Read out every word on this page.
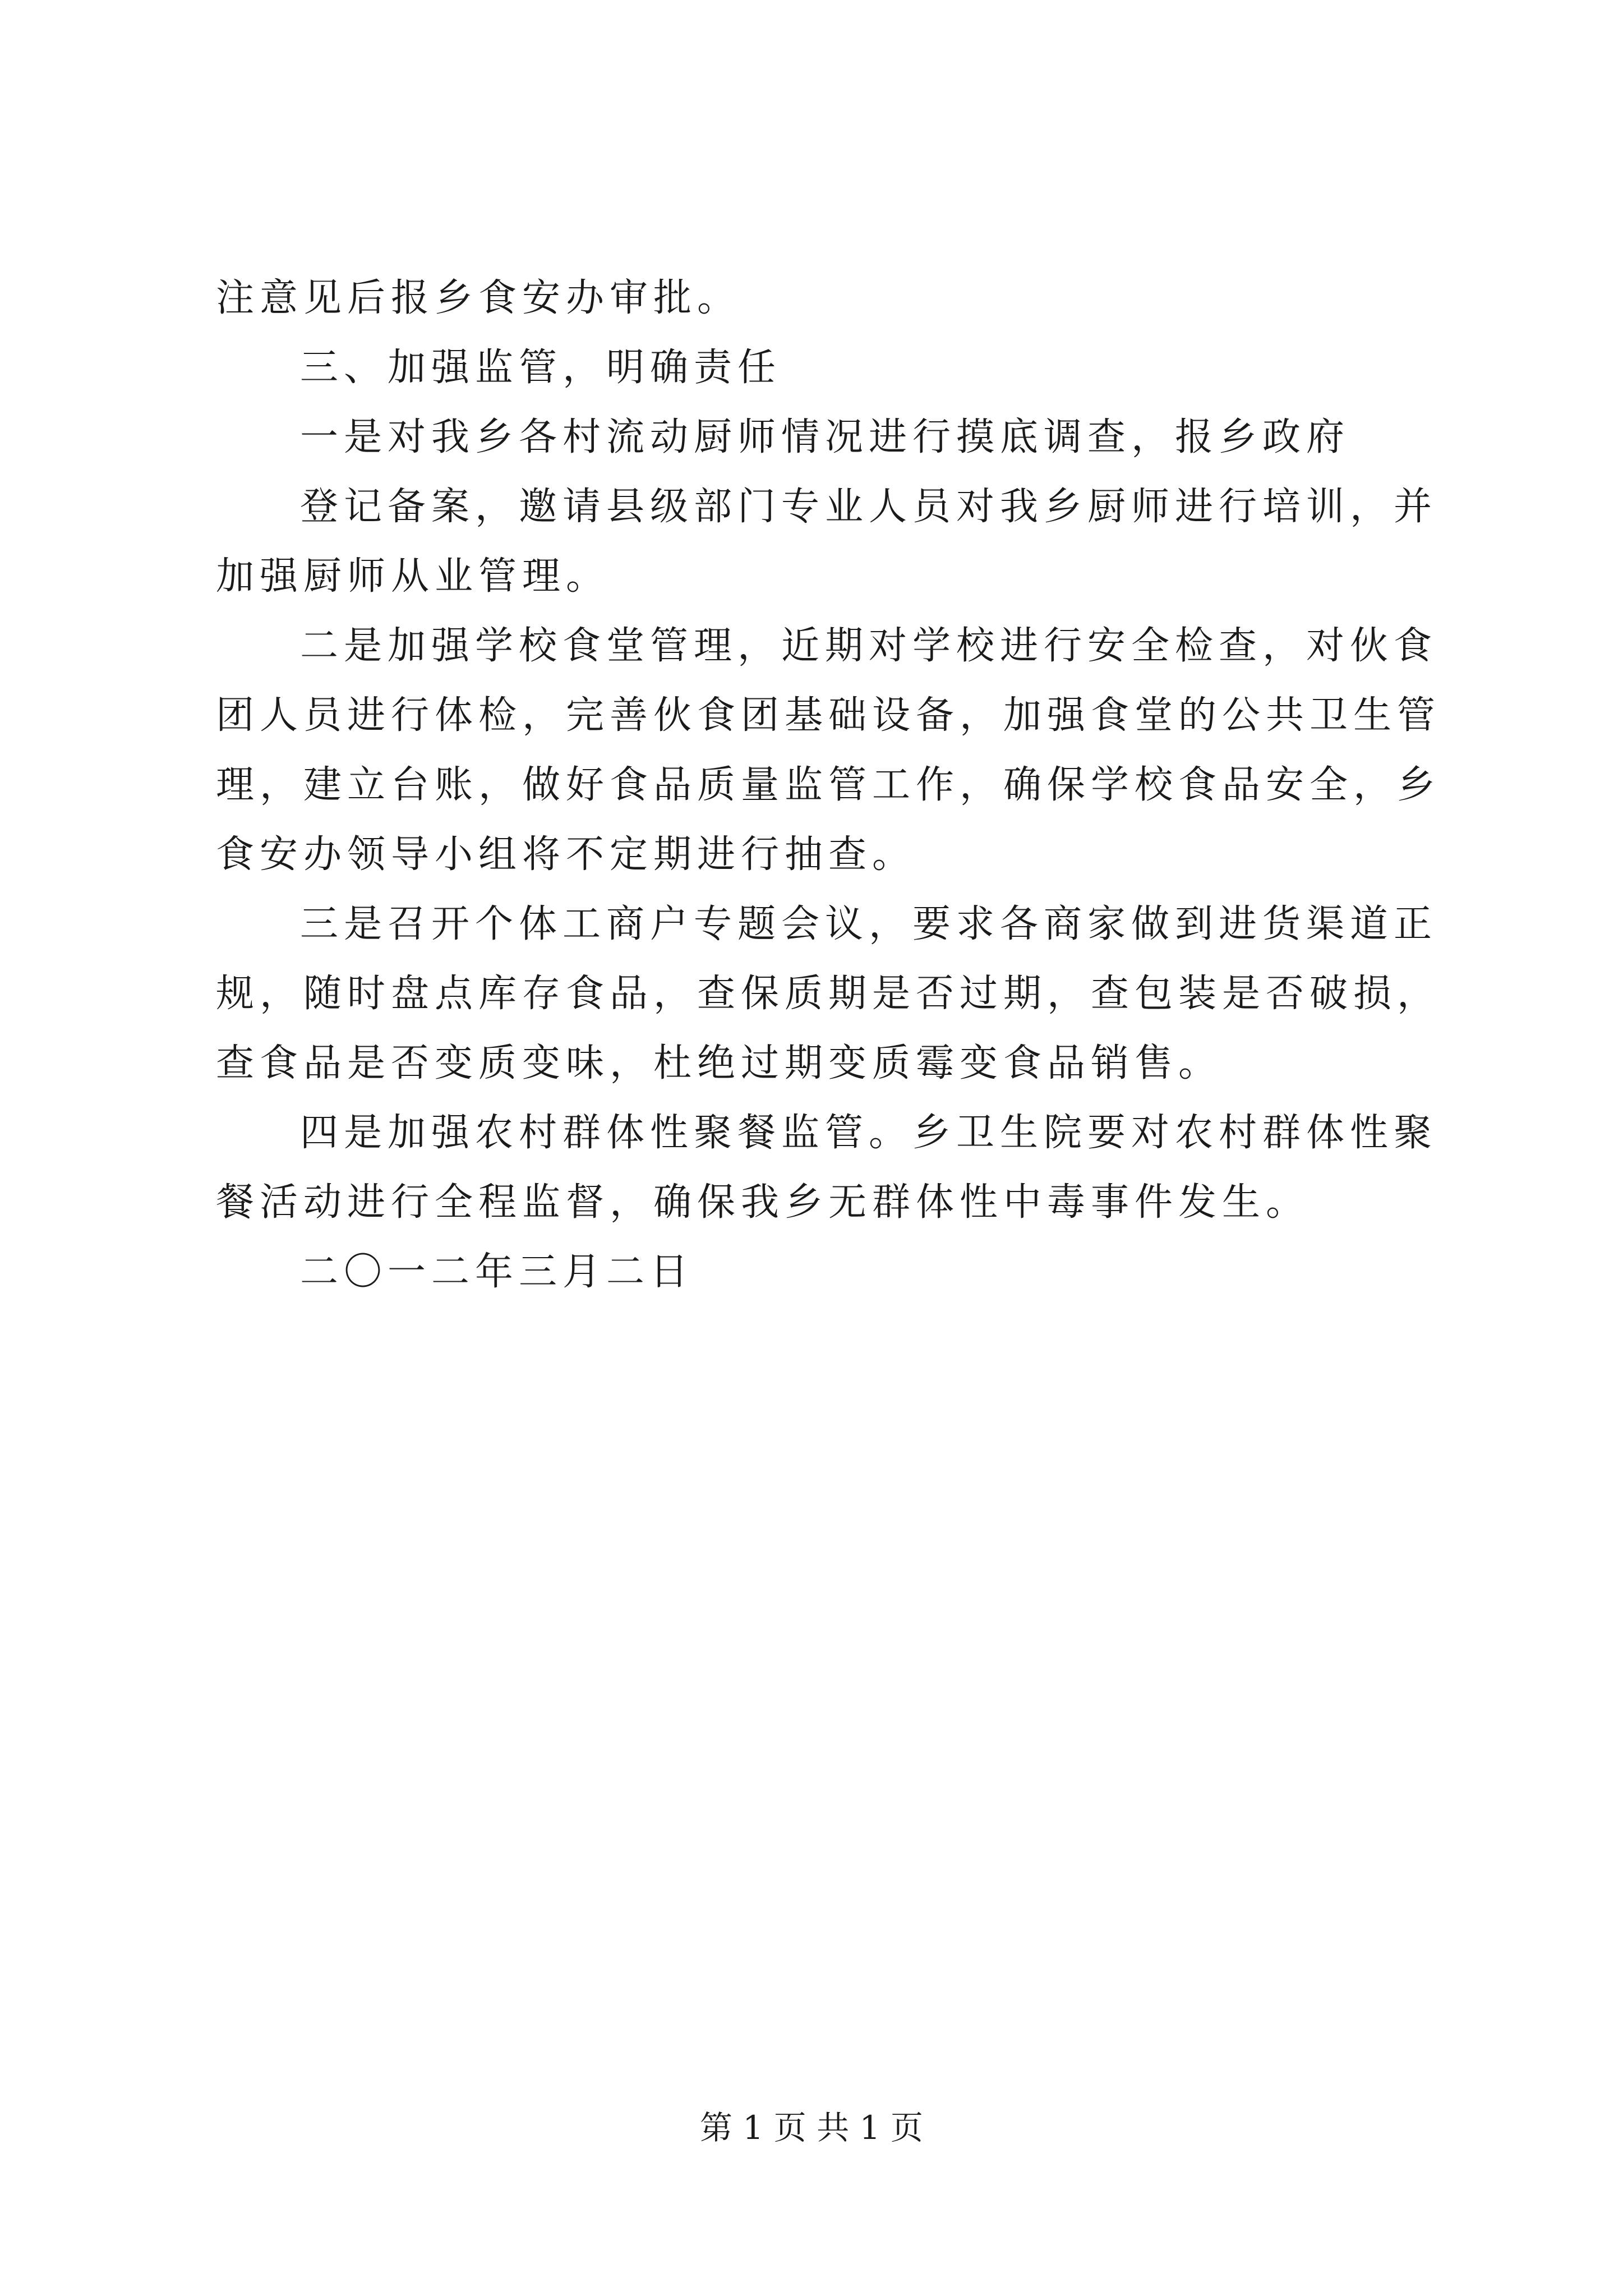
注意见后报乡食安办审批。
三、加强监管，明确责任
一是对我乡各村流动厨师情况进行摸底调查，报乡政府
登记备案，邀请县级部门专业人员对我乡厨师进行培训，并
加强厨师从业管理。
二是加强学校食堂管理，近期对学校进行安全检查，对伙食
团人员进行体检，完善伙食团基础设备，加强食堂的公共卫生管
理，建立台账，做好食品质量监管工作，确保学校食品安全，乡
食安办领导小组将不定期进行抽查。
三是召开个体工商户专题会议，要求各商家做到进货渠道正
规，随时盘点库存食品，查保质期是否过期，查包装是否破损，
查食品是否变质变味，杜绝过期变质霉变食品销售。
四是加强农村群体性聚餐监管。乡卫生院要对农村群体性聚
餐活动进行全程监督，确保我乡无群体性中毒事件发生。
二〇一二年三月二日
第 1 页 共 1 页
